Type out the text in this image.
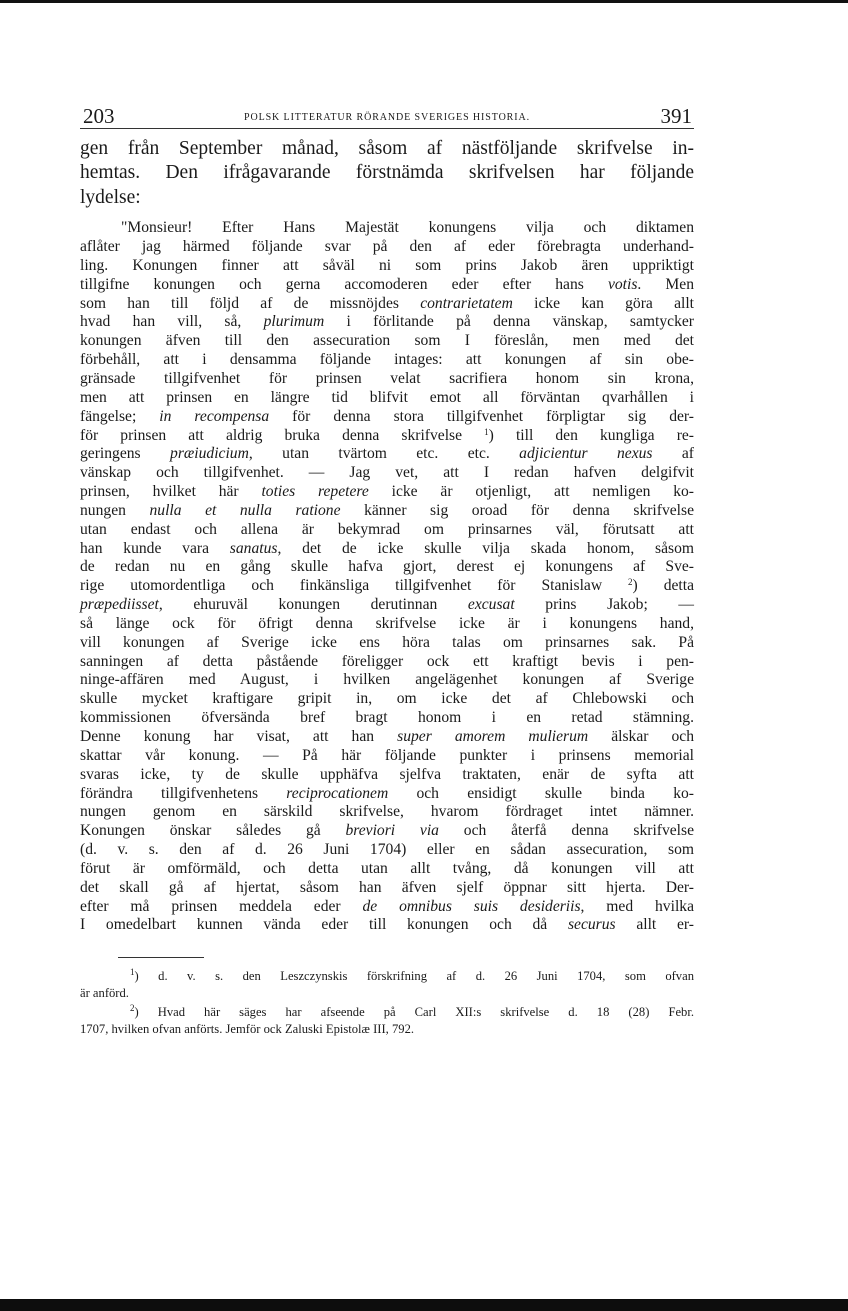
203	POLSK LITTERATUR RÖRANDE SVERIGES HISTORIA.	391
gen från September månad, såsom af nästföljande skrifvelse in-
hemtas. Den ifrågavarande förstnämda skrifvelsen har följande
lydelse:
"Monsieur! Efter Hans Majestät konungens vilja och diktamen
aflåter jag härmed följande svar på den af eder förebragta underhand-
ling. Konungen finner att såväl ni som prins Jakob ären uppriktigt
tillgifne konungen och gerna accomoderen eder efter hans votis. Men
som han till följd af de missnöjdes contrarietatem icke kan göra allt
hvad han vill, så, plurimum i förlitande på denna vänskap, samtycker
konungen äfven till den assecuration som I föreslån, men med det
förbehåll, att i densamma följande intages: att konungen af sin obe-
gränsade tillgifvenhet för prinsen velat sacrifiera honom sin krona,
men att prinsen en längre tid blifvit emot all förväntan qvarhållen i
fängelse; in recompensa för denna stora tillgifvenhet förpligtar sig der-
för prinsen att aldrig bruka denna skrifvelse $^1$) till den kungliga re-
geringens præiudicium, utan tvärtom etc. etc. adjicientur nexus af
vänskap och tillgifvenhet. — Jag vet, att I redan hafven delgifvit
prinsen, hvilket här toties repetere icke är otjenligt, att nemligen ko-
nungen nulla et nulla ratione känner sig oroad för denna skrifvelse
utan endast och allena är bekymrad om prinsarnes väl, förutsatt att
han kunde vara sanatus, det de icke skulle vilja skada honom, såsom
de redan nu en gång skulle hafva gjort, derest ej konungens af Sve-
rige utomordentliga och finkänsliga tillgifvenhet för Stanislaw $^2$) detta
præpediisset, ehuruväl konungen derutinnan excusat prins Jakob; —
så länge ock för öfrigt denna skrifvelse icke är i konungens hand,
vill konungen af Sverige icke ens höra talas om prinsarnes sak. På
sanningen af detta påstående föreligger ock ett kraftigt bevis i pen-
ninge-affären med August, i hvilken angelägenhet konungen af Sverige
skulle mycket kraftigare gripit in, om icke det af Chlebowski och
kommissionen öfversända bref bragt honom i en retad stämning.
Denne konung har visat, att han super amorem mulierum älskar och
skattar vår konung. — På här följande punkter i prinsens memorial
svaras icke, ty de skulle upphäfva sjelfva traktaten, enär de syfta att
förändra tillgifvenhetens reciprocationem och ensidigt skulle binda ko-
nungen genom en särskild skrifvelse, hvarom fördraget intet nämner.
Konungen önskar således gå breviori via och återfå denna skrifvelse
(d. v. s. den af d. 26 Juni 1704) eller en sådan assecuration, som
förut är omförmäld, och detta utan allt tvång, då konungen vill att
det skall gå af hjertat, såsom han äfven sjelf öppnar sitt hjerta. Der-
efter må prinsen meddela eder de omnibus suis desideriis, med hvilka
I omedelbart kunnen vända eder till konungen och då securus allt er-
$^1$) d. v. s. den Leszczynskis förskrifning af d. 26 Juni 1704, som ofvan
är anförd.
$^2$) Hvad här säges har afseende på Carl XII:s skrifvelse d. 18 (28) Febr.
1707, hvilken ofvan anförts. Jemför ock Zaluski Epistolæ III, 792.
